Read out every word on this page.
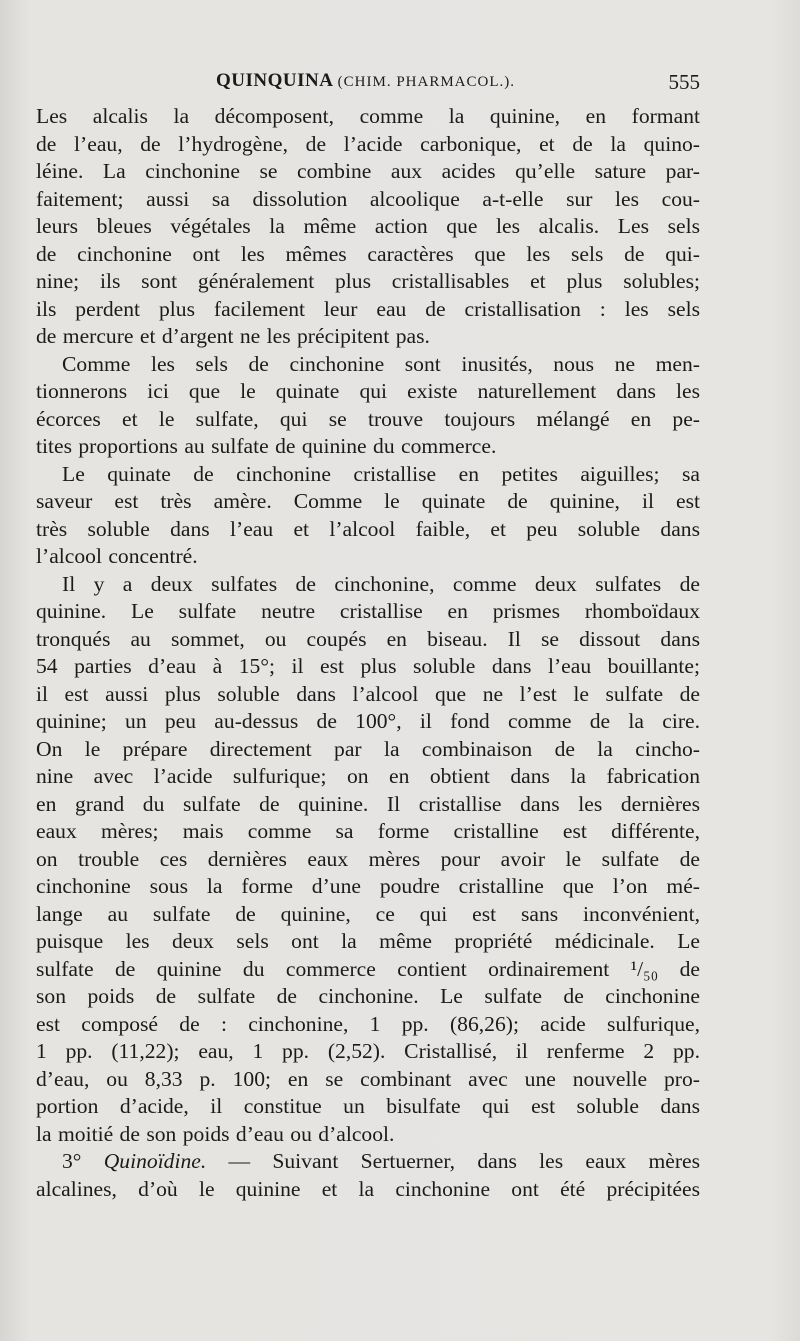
QUINQUINA (CHIM. PHARMACOL.).	555

Les alcalis la décomposent, comme la quinine, en formant
de l’eau, de l’hydrogène, de l’acide carbonique, et de la quino-
léine. La cinchonine se combine aux acides qu’elle sature par-
faitement; aussi sa dissolution alcoolique a-t-elle sur les cou-
leurs bleues végétales la même action que les alcalis. Les sels
de cinchonine ont les mêmes caractères que les sels de qui-
nine; ils sont généralement plus cristallisables et plus solubles;
ils perdent plus facilement leur eau de cristallisation : les sels
de mercure et d’argent ne les précipitent pas.

Comme les sels de cinchonine sont inusités, nous ne men-
tionnerons ici que le quinate qui existe naturellement dans les
écorces et le sulfate, qui se trouve toujours mélangé en pe-
tites proportions au sulfate de quinine du commerce.

Le quinate de cinchonine cristallise en petites aiguilles; sa
saveur est très amère. Comme le quinate de quinine, il est
très soluble dans l’eau et l’alcool faible, et peu soluble dans
l’alcool concentré.

Il y a deux sulfates de cinchonine, comme deux sulfates de
quinine. Le sulfate neutre cristallise en prismes rhomboïdaux
tronqués au sommet, ou coupés en biseau. Il se dissout dans
54 parties d’eau à 15°; il est plus soluble dans l’eau bouillante;
il est aussi plus soluble dans l’alcool que ne l’est le sulfate de
quinine; un peu au-dessus de 100°, il fond comme de la cire.
On le prépare directement par la combinaison de la cincho-
nine avec l’acide sulfurique; on en obtient dans la fabrication
en grand du sulfate de quinine. Il cristallise dans les dernières
eaux mères; mais comme sa forme cristalline est différente,
on trouble ces dernières eaux mères pour avoir le sulfate de
cinchonine sous la forme d’une poudre cristalline que l’on mé-
lange au sulfate de quinine, ce qui est sans inconvénient,
puisque les deux sels ont la même propriété médicinale. Le
sulfate de quinine du commerce contient ordinairement ¹/₅₀ de
son poids de sulfate de cinchonine. Le sulfate de cinchonine
est composé de : cinchonine, 1 pp. (86,26); acide sulfurique,
1 pp. (11,22); eau, 1 pp. (2,52). Cristallisé, il renferme 2 pp.
d’eau, ou 8,33 p. 100; en se combinant avec une nouvelle pro-
portion d’acide, il constitue un bisulfate qui est soluble dans
la moitié de son poids d’eau ou d’alcool.

3° Quinoïdine. — Suivant Sertuerner, dans les eaux mères
alcalines, d’où le quinine et la cinchonine ont été précipitées
